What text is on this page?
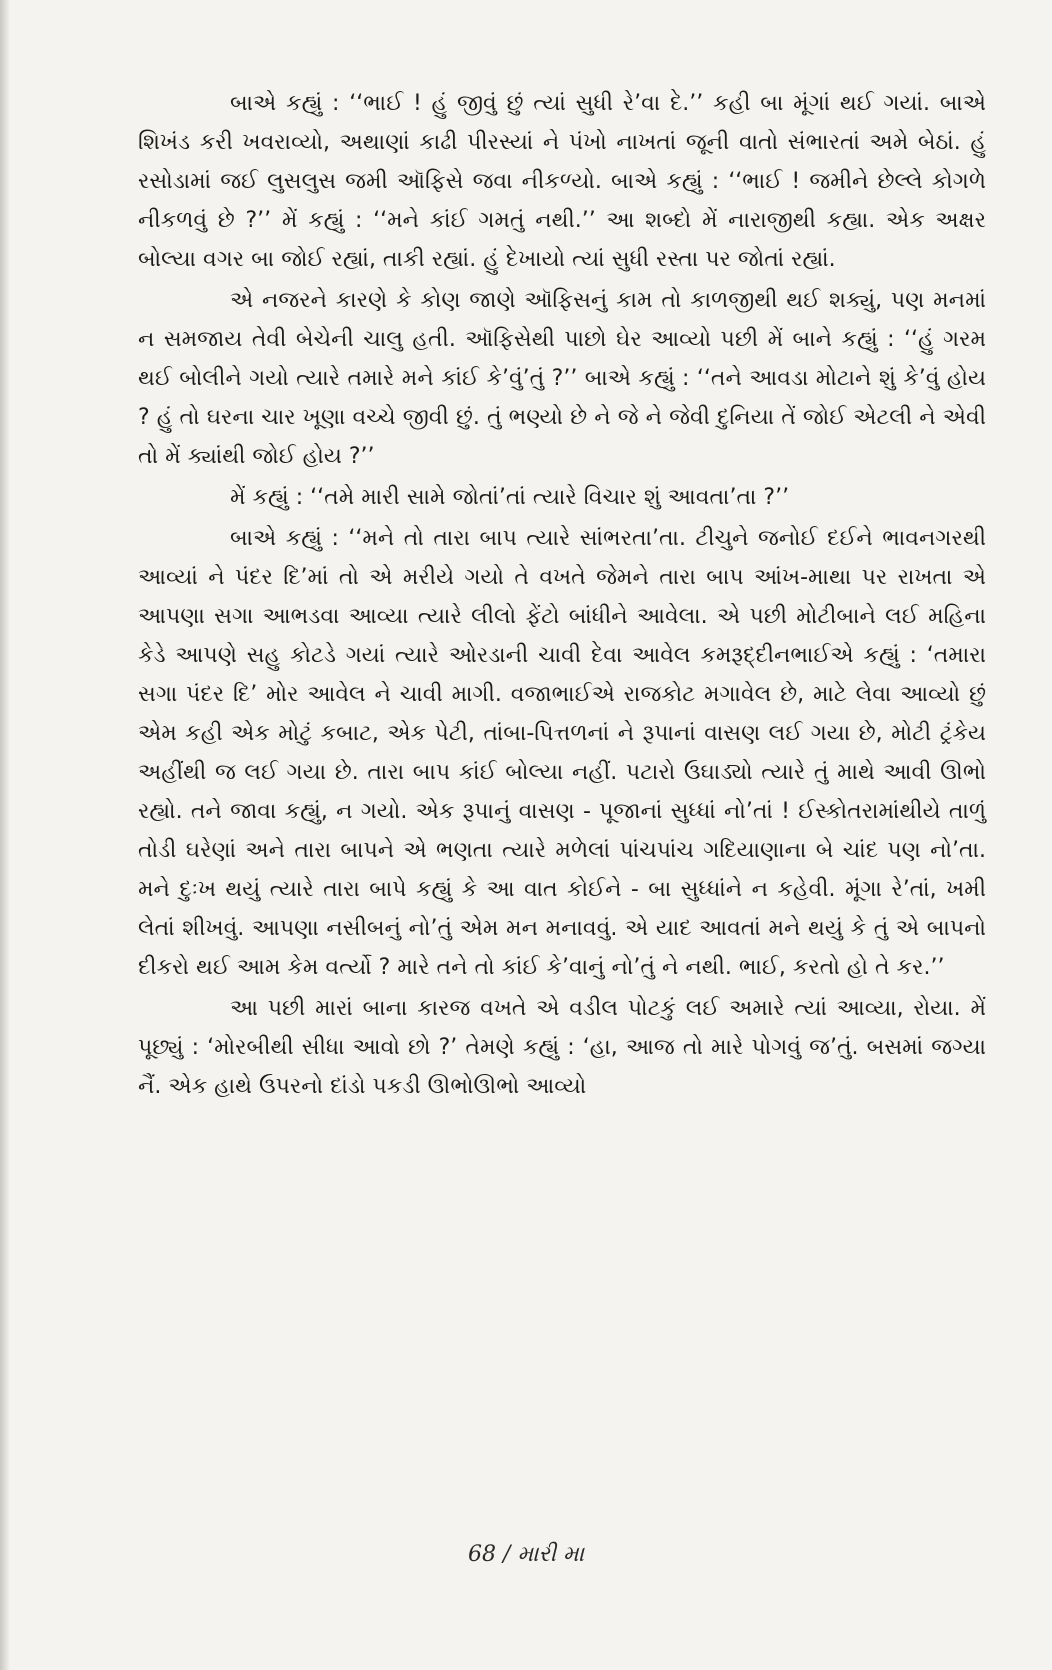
બાએ કહ્યું : ‘‘ભાઈ ! હું જીવું છું ત્યાં સુધી રે’વા દે.’’ કહી બા મૂંગાં થઈ ગયાં. બાએ શિખંડ કરી ખવરાવ્યો, અથાણાં કાઢી પીરસ્યાં ને પંખો નાખતાં જૂની વાતો સંભારતાં અમે બેઠાં. હું રસોડામાં જઈ લુસલુસ જમી ઑફિસે જવા નીકળ્યો. બાએ કહ્યું : ‘‘ભાઈ ! જમીને છેલ્લે કોગળે નીકળવું છે ?’’ મેં કહ્યું : ‘‘મને કાંઈ ગમતું નથી.’’ આ શબ્દો મેં નારાજીથી કહ્યા. એક અક્ષર બોલ્યા વગર બા જોઈ રહ્યાં, તાકી રહ્યાં. હું દેખાયો ત્યાં સુધી રસ્તા પર જોતાં રહ્યાં.

એ નજરને કારણે કે કોણ જાણે ઑફિસનું કામ તો કાળજીથી થઈ શક્યું, પણ મનમાં ન સમજાય તેવી બેચેની ચાલુ હતી. ઑફિસેથી પાછો ઘેર આવ્યો પછી મેં બાને કહ્યું : ‘‘હું ગરમ થઈ બોલીને ગયો ત્યારે તમારે મને કાંઈ કે’વું’તું ?’’ બાએ કહ્યું : ‘‘તને આવડા મોટાને શું કે’વું હોય ? હું તો ઘરના ચાર ખૂણા વચ્ચે જીવી છું. તું ભણ્યો છે ને જે ને જેવી દુનિયા તેં જોઈ એટલી ને એવી તો મેં ક્યાંથી જોઈ હોય ?’’

મેં કહ્યું : ‘‘તમે મારી સામે જોતાં’તાં ત્યારે વિચાર શું આવતા’તા ?’’

બાએ કહ્યું : ‘‘મને તો તારા બાપ ત્યારે સાંભરતા’તા. ટીચુને જનોઈ દઈને ભાવનગરથી આવ્યાં ને પંદર દિ’માં તો એ મરીયે ગયો તે વખતે જેમને તારા બાપ આંખ-માથા પર રાખતા એ આપણા સગા આભડવા આવ્યા ત્યારે લીલો ફેંટો બાંધીને આવેલા. એ પછી મોટીબાને લઈ મહિના કેડે આપણે સહુ કોટડે ગયાં ત્યારે ઓરડાની ચાવી દેવા આવેલ કમરૂદ્દીનભાઈએ કહ્યું : ‘તમારા સગા પંદર દિ’ મોર આવેલ ને ચાવી માગી. વજાભાઈએ રાજકોટ મગાવેલ છે, માટે લેવા આવ્યો છું એમ કહી એક મોટું કબાટ, એક પેટી, તાંબા-પિત્તળનાં ને રૂપાનાં વાસણ લઈ ગયા છે, મોટી ટ્રંકેય અહીંથી જ લઈ ગયા છે. તારા બાપ કાંઈ બોલ્યા નહીં. પટારો ઉઘાડ્યો ત્યારે તું માથે આવી ઊભો રહ્યો. તને જાવા કહ્યું, ન ગયો. એક રૂપાનું વાસણ - પૂજાનાં સુધ્ધાં નો’તાં ! ઈસ્કોતરામાંથીયે તાળું તોડી ઘરેણાં અને તારા બાપને એ ભણતા ત્યારે મળેલાં પાંચપાંચ ગદિયાણાના બે ચાંદ પણ નો’તા. મને દુઃખ થયું ત્યારે તારા બાપે કહ્યું કે આ વાત કોઈને - બા સુધ્ધાંને ન કહેવી. મૂંગા રે’તાં, ખમી લેતાં શીખવું. આપણા નસીબનું નો’તું એમ મન મનાવવું. એ યાદ આવતાં મને થયું કે તું એ બાપનો દીકરો થઈ આમ કેમ વર્ત્યો ? મારે તને તો કાંઈ કે’વાનું નો’તું ને નથી. ભાઈ, કરતો હો તે કર.’’

આ પછી મારાં બાના કારજ વખતે એ વડીલ પોટકું લઈ અમારે ત્યાં આવ્યા, રોયા. મેં પૂછ્યું : ‘મોરબીથી સીધા આવો છો ?’ તેમણે કહ્યું : ‘હા, આજ તો મારે પોગવું જ’તું. બસમાં જગ્યા નૈં. એક હાથે ઉપરનો દાંડો પકડી ઊભોઊભો આવ્યો

68 / મારી મા
